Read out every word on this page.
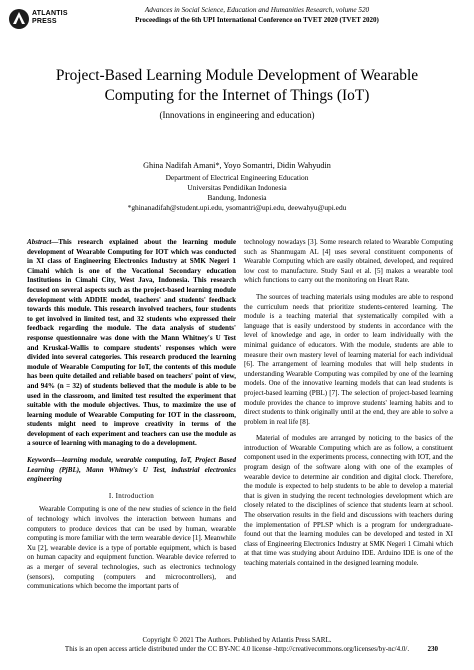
ATLANTIS
PRESS
Advances in Social Science, Education and Humanities Research, volume 520
Proceedings of the 6th UPI International Conference on TVET 2020 (TVET 2020)
Project-Based Learning Module Development of Wearable Computing for the Internet of Things (IoT)
(Innovations in engineering and education)
Ghina Nadifah Amani*, Yoyo Somantri, Didin Wahyudin
Department of Electrical Engineering Education
Universitas Pendidikan Indonesia
Bandung, Indonesia
*ghinanadifah@student.upi.edu, ysomantri@upi.edu, deewahyu@upi.edu
Abstract—This research explained about the learning module development of Wearable Computing for IOT which was conducted in XI class of Engineering Electronics Industry at SMK Negeri 1 Cimahi which is one of the Vocational Secondary education Institutions in Cimahi City, West Java, Indonesia. This research focused on several aspects such as the project-based learning module development with ADDIE model, teachers' and students' feedback towards this module. This research involved teachers, four students to get involved in limited test, and 32 students who expressed their feedback regarding the module. The data analysis of students' response questionnaire was done with the Mann Whitney's U Test and Kruskal-Wallis to compare students' responses which were divided into several categories. This research produced the learning module of Wearable Computing for IoT, the contents of this module has been quite detailed and reliable based on teachers' point of view, and 94% (n = 32) of students believed that the module is able to be used in the classroom, and limited test resulted the experiment that suitable with the module objectives. Thus, to maximize the use of learning module of Wearable Computing for IOT in the classroom, students might need to improve creativity in terms of the development of each experiment and teachers can use the module as a source of learning with managing to do a development.
Keywords—learning module, wearable computing, IoT, Project Based Learning (PjBL), Mann Whitney's U Test, industrial electronics engineering
I. Introduction

Wearable Computing is one of the new studies of science in the field of technology which involves the interaction between humans and computers to produce devices that can be used by human, wearable computing is more familiar with the term wearable device [1]. Meanwhile Xu [2], wearable device is a type of portable equipment, which is based on human capacity and equipment function. Wearable device referred to as a merger of several technologies, such as electronics technology (sensors), computing (computers and microcontrollers), and communications which become the important parts of

technology nowadays [3]. Some research related to Wearable Computing such as Shanmugam AL [4] uses several constituent components of Wearable Computing which are easily obtained, developed, and required low cost to manufacture. Study Saul et al. [5] makes a wearable tool which functions to carry out the monitoring on Heart Rate.

The sources of teaching materials using modules are able to respond the curriculum needs that prioritize students-centered learning. The module is a teaching material that systematically compiled with a language that is easily understood by students in accordance with the level of knowledge and age, in order to learn individually with the minimal guidance of educators. With the module, students are able to measure their own mastery level of learning material for each individual [6]. The arrangement of learning modules that will help students in understanding Wearable Computing was compiled by one of the learning models. One of the innovative learning models that can lead students is project-based learning (PBL) [7]. The selection of project-based learning module provides the chance to improve students' learning habits and to direct students to think originally until at the end, they are able to solve a problem in real life [8].

Material of modules are arranged by noticing to the basics of the introduction of Wearable Computing which are as follow, a constituent component used in the experiments process, connecting with IOT, and the program design of the software along with one of the examples of wearable device to determine air condition and digital clock. Therefore, the module is expected to help students to be able to develop a material that is given in studying the recent technologies development which are closely related to the disciplines of science that students learn at school. The observation results in the field and discussions with teachers during the implementation of PPLSP which is a program for undergraduate- found out that the learning modules can be developed and tested in XI class of Engineering Electronics Industry at SMK Negeri 1 Cimahi which at that time was studying about Arduino IDE. Arduino IDE is one of the teaching materials contained in the designed learning module.

Copyright © 2021 The Authors. Published by Atlantis Press SARL.
This is an open access article distributed under the CC BY-NC 4.0 license -http://creativecommons.org/licenses/by-nc/4.0/.	230
